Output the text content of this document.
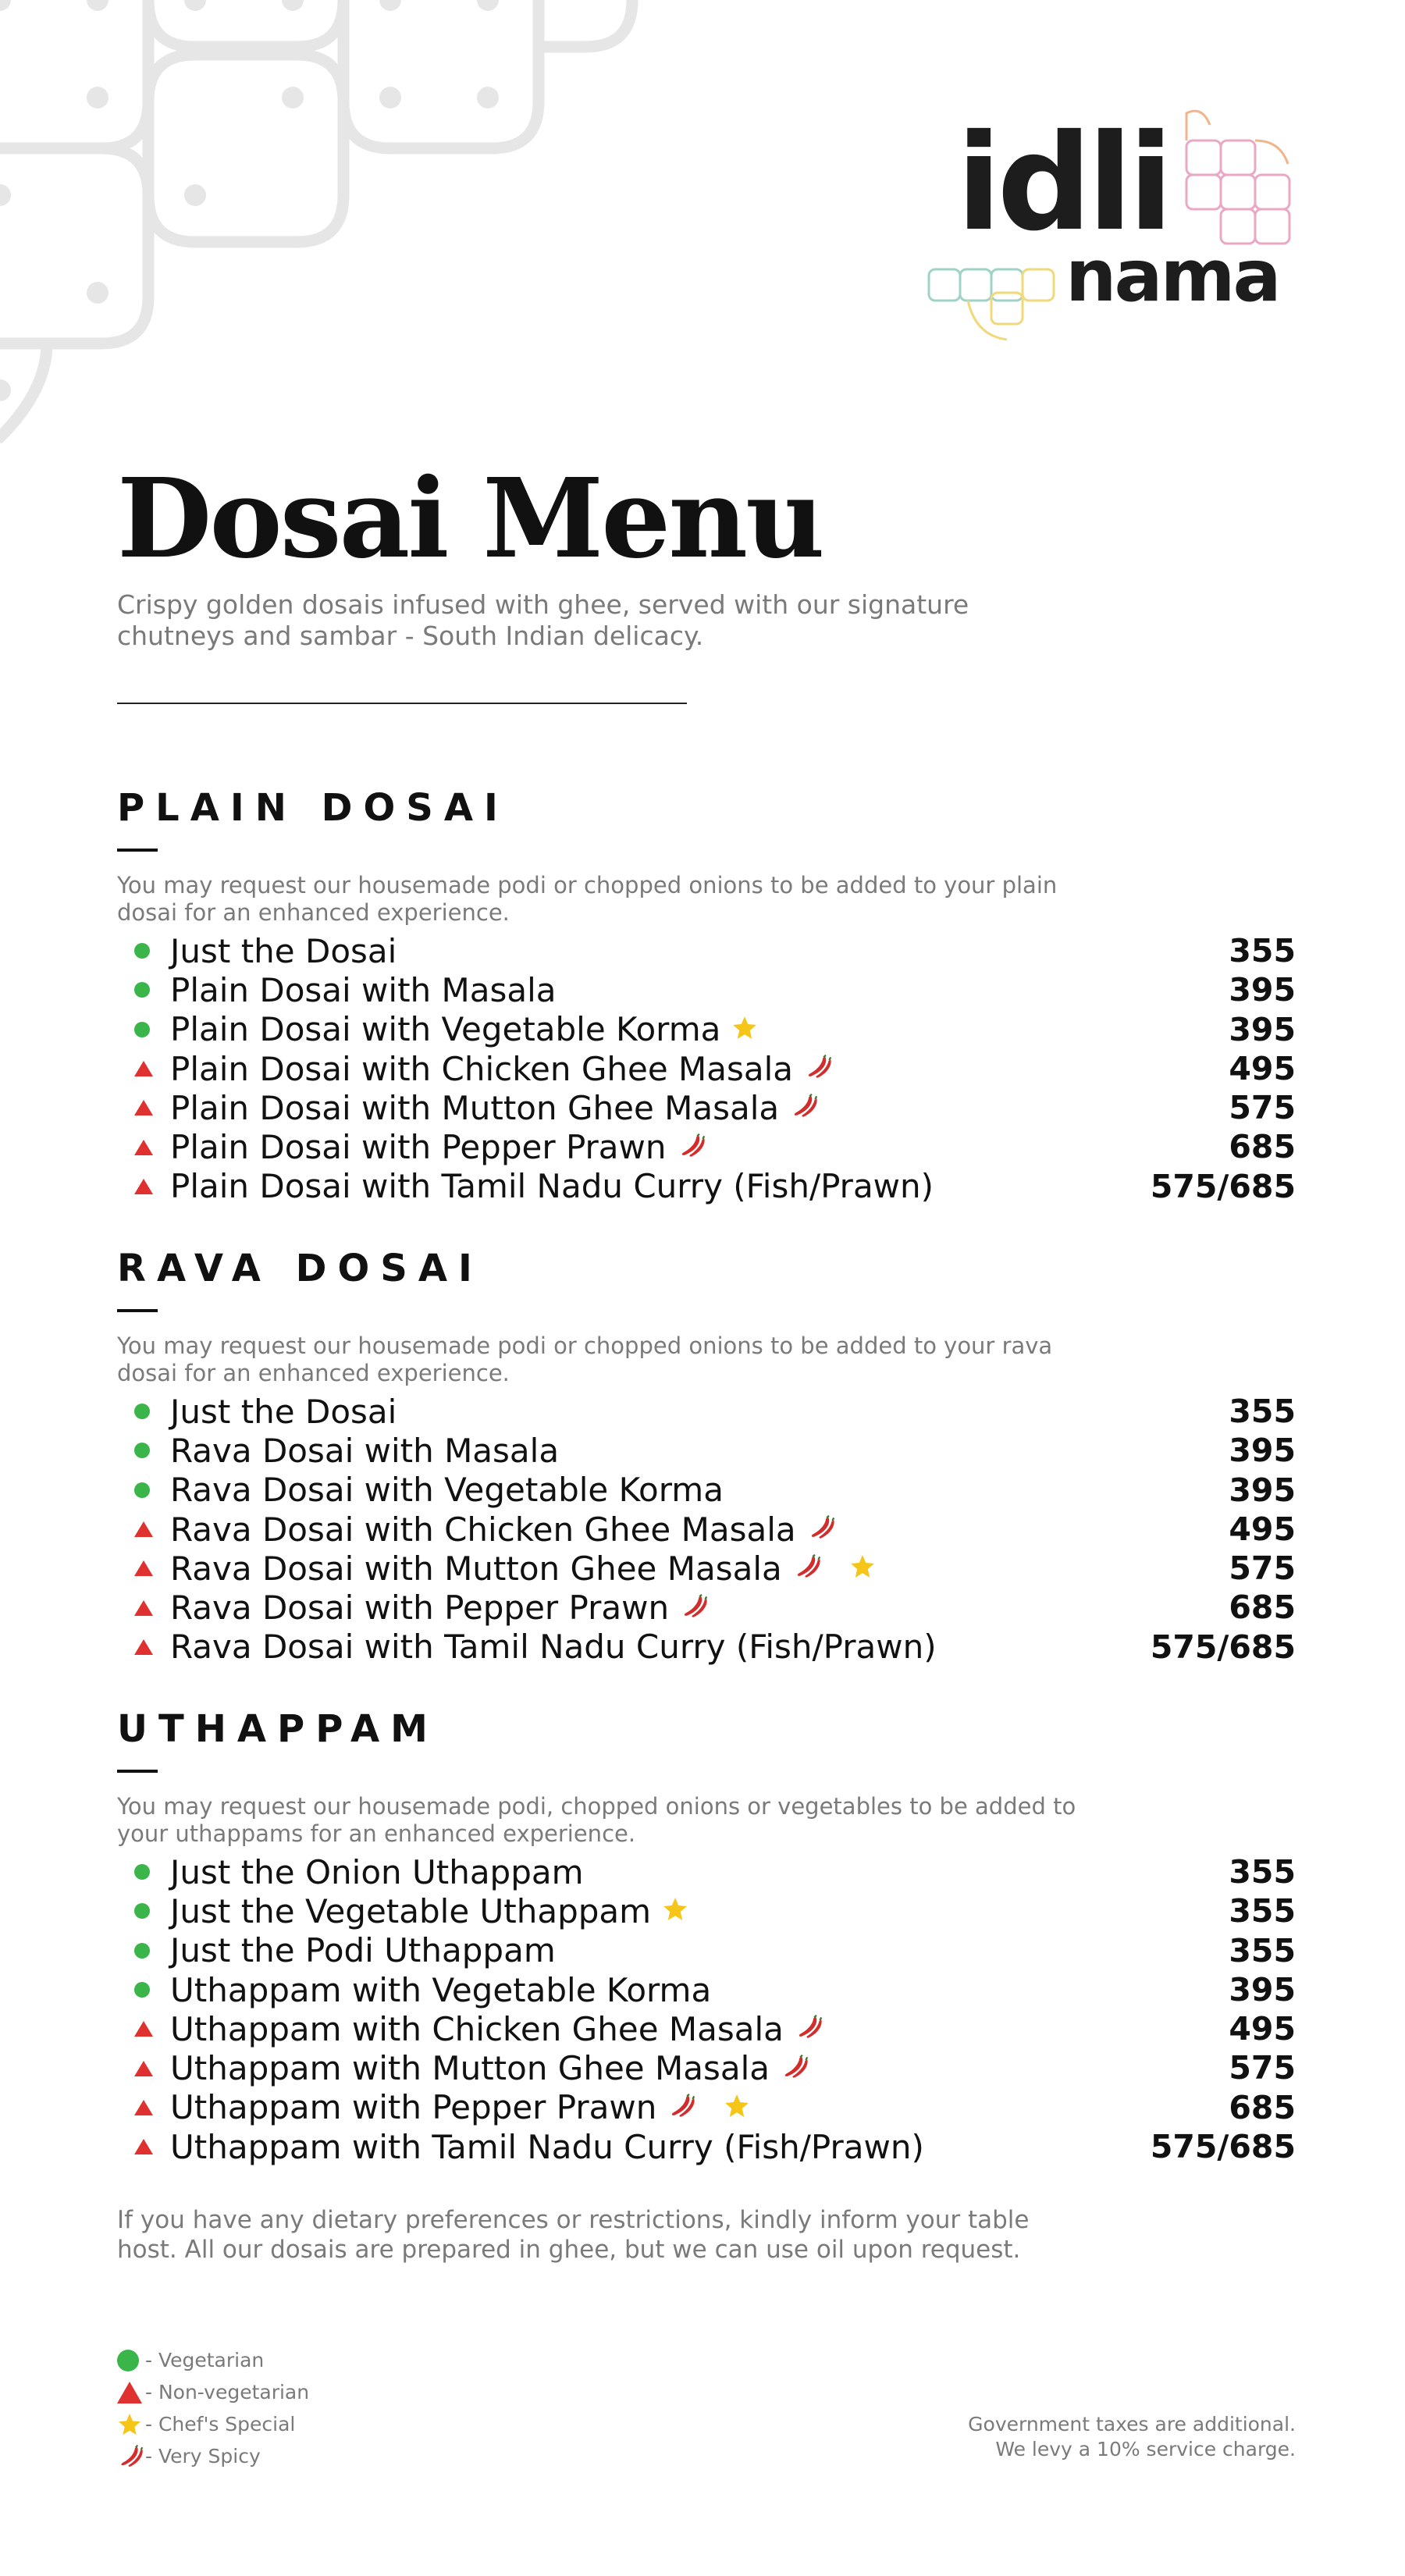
idli
nama
Dosai Menu
Crispy golden dosais infused with ghee, served with our signature chutneys and sambar - South Indian delicacy.
PLAIN DOSAI
You may request our housemade podi or chopped onions to be added to your plain dosai for an enhanced experience.
Just the Dosai	355
Plain Dosai with Masala	395
Plain Dosai with Vegetable Korma	395
Plain Dosai with Chicken Ghee Masala	495
Plain Dosai with Mutton Ghee Masala	575
Plain Dosai with Pepper Prawn	685
Plain Dosai with Tamil Nadu Curry (Fish/Prawn)	575/685
RAVA DOSAI
You may request our housemade podi or chopped onions to be added to your rava dosai for an enhanced experience.
Just the Dosai	355
Rava Dosai with Masala	395
Rava Dosai with Vegetable Korma	395
Rava Dosai with Chicken Ghee Masala	495
Rava Dosai with Mutton Ghee Masala	575
Rava Dosai with Pepper Prawn	685
Rava Dosai with Tamil Nadu Curry (Fish/Prawn)	575/685
UTHAPPAM
You may request our housemade podi, chopped onions or vegetables to be added to your uthappams for an enhanced experience.
Just the Onion Uthappam	355
Just the Vegetable Uthappam	355
Just the Podi Uthappam	355
Uthappam with Vegetable Korma	395
Uthappam with Chicken Ghee Masala	495
Uthappam with Mutton Ghee Masala	575
Uthappam with Pepper Prawn	685
Uthappam with Tamil Nadu Curry (Fish/Prawn)	575/685
If you have any dietary preferences or restrictions, kindly inform your table host. All our dosais are prepared in ghee, but we can use oil upon request.
- Vegetarian
- Non-vegetarian
- Chef's Special
- Very Spicy
Government taxes are additional.
We levy a 10% service charge.
